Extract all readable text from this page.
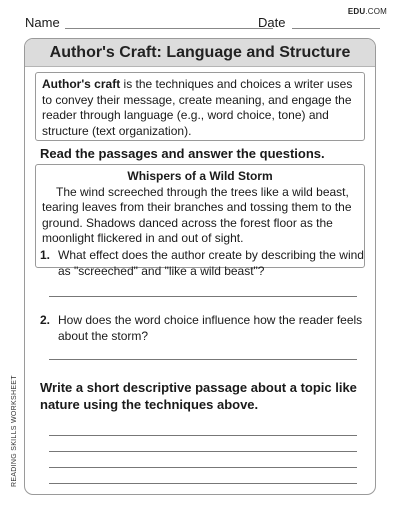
EDU.COM
Name	Date
Author's Craft: Language and Structure
Author's craft is the techniques and choices a writer uses to convey their message, create meaning, and engage the reader through language (e.g., word choice, tone) and structure (text organization).
Read the passages and answer the questions.
Whispers of a Wild Storm
The wind screeched through the trees like a wild beast, tearing leaves from their branches and tossing them to the ground. Shadows danced across the forest floor as the moonlight flickered in and out of sight.
1. What effect does the author create by describing the wind as "screeched" and "like a wild beast"?
2. How does the word choice influence how the reader feels about the storm?
Write a short descriptive passage about a topic like nature using the techniques above.
READING SKILLS WORKSHEET
